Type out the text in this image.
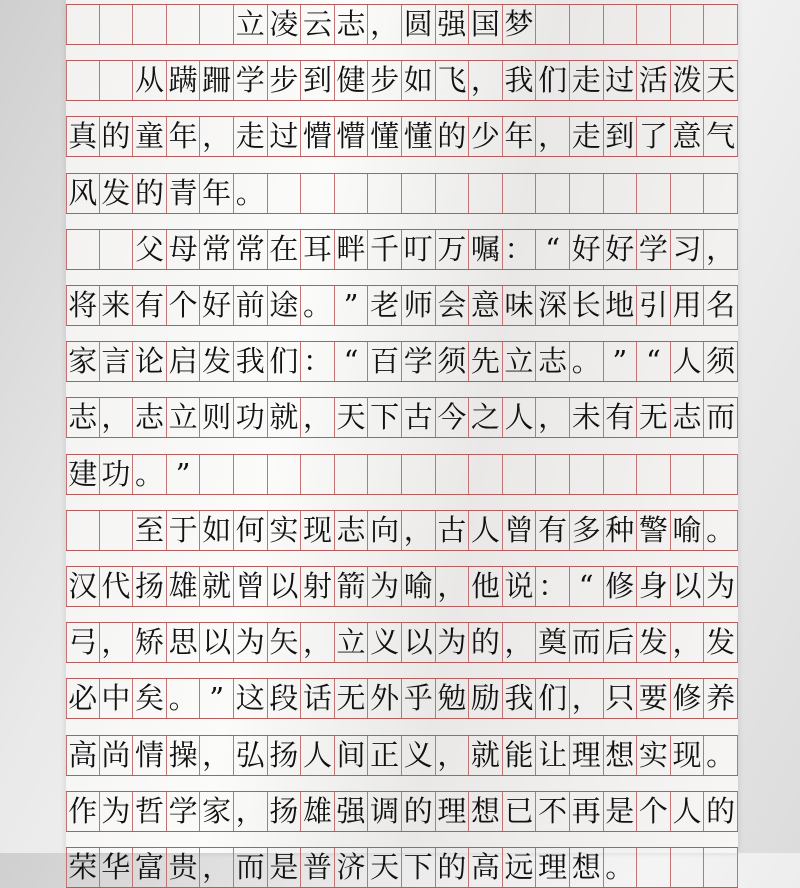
立 凌 云 志 ， 圆 强 国 梦
从 蹒 跚 学 步 到 健 步 如 飞 ， 我 们 走 过 活 泼 天
真 的 童 年 ， 走 过 懵 懵 懂 懂 的 少 年 ， 走 到 了 意 气
风 发 的 青 年 。
父 母 常 常 在 耳 畔 千 叮 万 嘱 ： “ 好 好 学 习 ，
将 来 有 个 好 前 途 。 ” 老 师 会 意 味 深 长 地 引 用 名
家 言 论 启 发 我 们 ： “ 百 学 须 先 立 志 。 ” “ 人 须
志 ， 志 立 则 功 就 ， 天 下 古 今 之 人 ， 未 有 无 志 而
建 功 。 ”
至 于 如 何 实 现 志 向 ， 古 人 曾 有 多 种 警 喻 。
汉 代 扬 雄 就 曾 以 射 箭 为 喻 ， 他 说 ： “ 修 身 以 为
弓 ， 矫 思 以 为 矢 ， 立 义 以 为 的 ， 奠 而 后 发 ， 发
必 中 矣 。 ” 这 段 话 无 外 乎 勉 励 我 们 ， 只 要 修 养
高 尚 情 操 ， 弘 扬 人 间 正 义 ， 就 能 让 理 想 实 现 。
作 为 哲 学 家 ， 扬 雄 强 调 的 理 想 已 不 再 是 个 人 的
荣 华 富 贵 ， 而 是 普 济 天 下 的 高 远 理 想 。
